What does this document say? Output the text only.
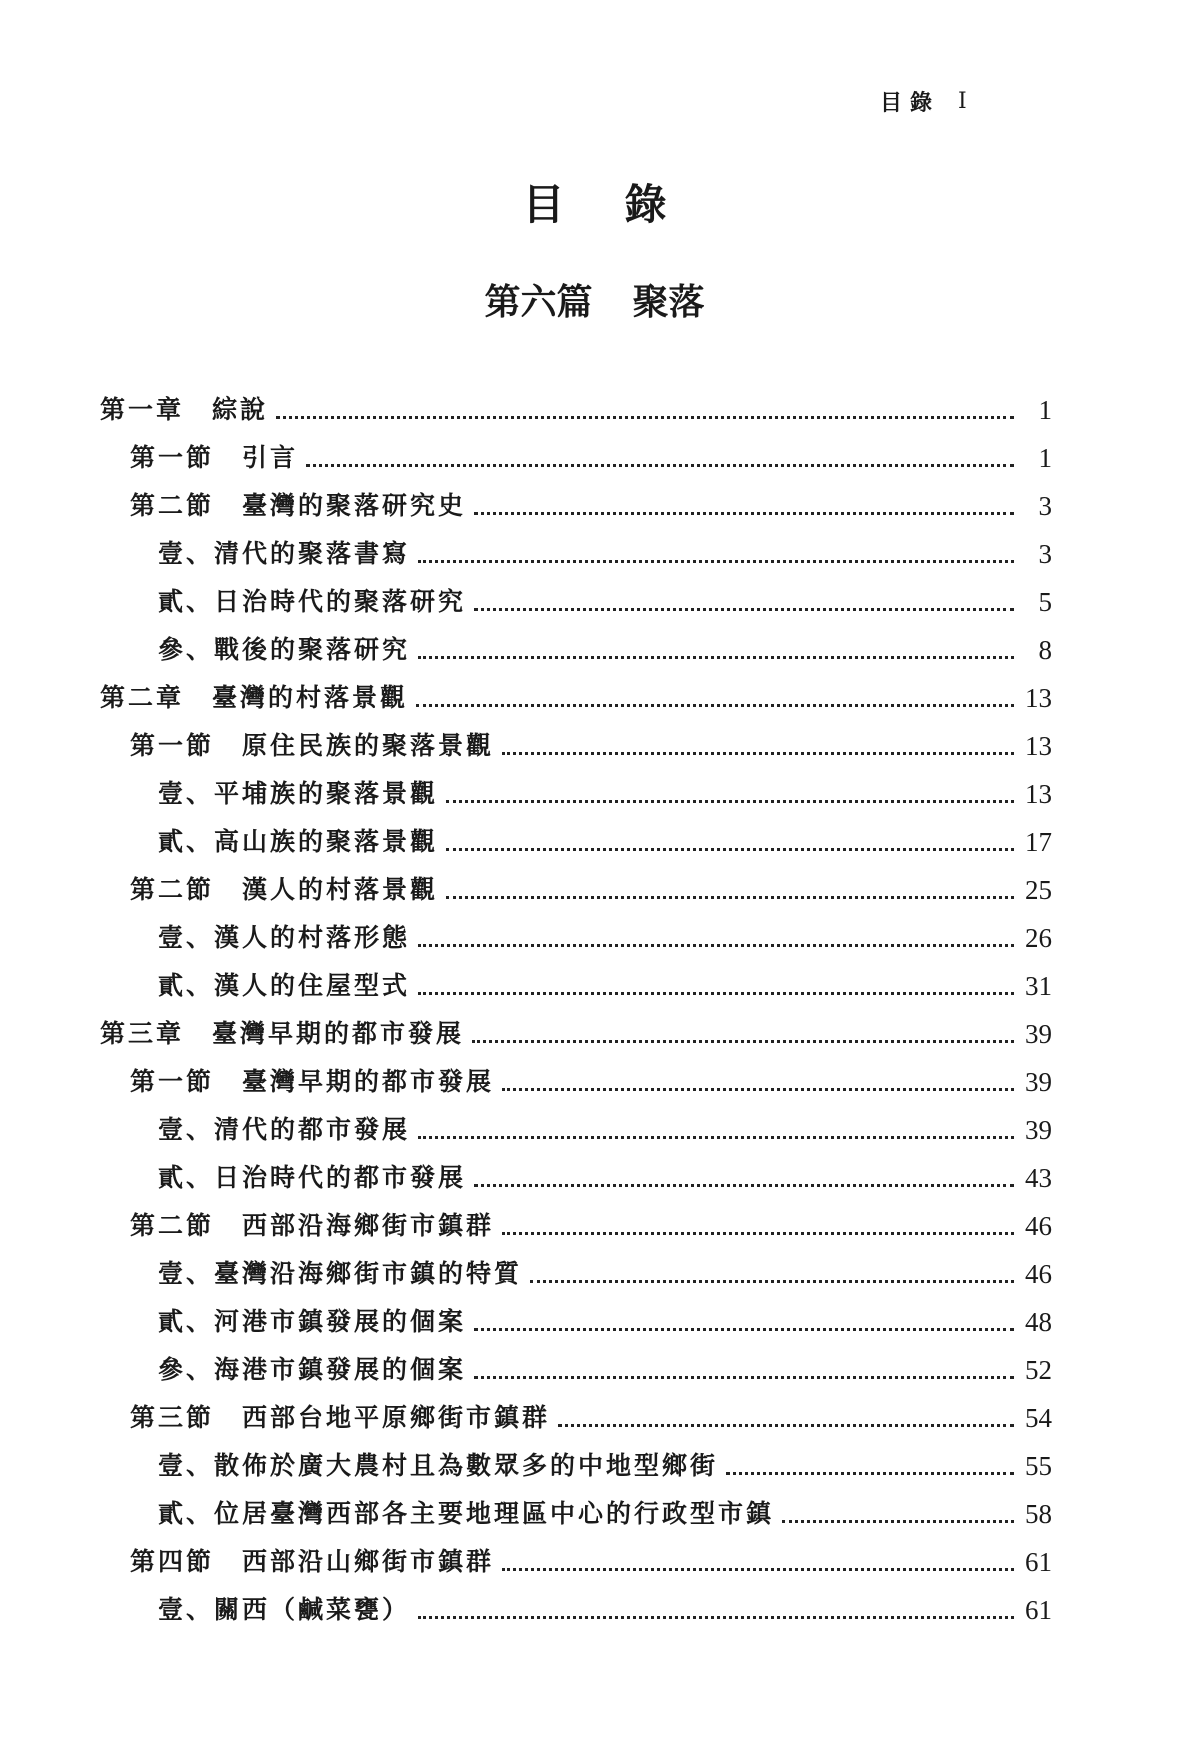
目錄 I
目錄
第六篇 聚落
第一章 綜說	1
第一節 引言	1
第二節 臺灣的聚落研究史	3
壹、清代的聚落書寫	3
貳、日治時代的聚落研究	5
參、戰後的聚落研究	8
第二章 臺灣的村落景觀	13
第一節 原住民族的聚落景觀	13
壹、平埔族的聚落景觀	13
貳、高山族的聚落景觀	17
第二節 漢人的村落景觀	25
壹、漢人的村落形態	26
貳、漢人的住屋型式	31
第三章 臺灣早期的都市發展	39
第一節 臺灣早期的都市發展	39
壹、清代的都市發展	39
貳、日治時代的都市發展	43
第二節 西部沿海鄉街市鎮群	46
壹、臺灣沿海鄉街市鎮的特質	46
貳、河港市鎮發展的個案	48
參、海港市鎮發展的個案	52
第三節 西部台地平原鄉街市鎮群	54
壹、散佈於廣大農村且為數眾多的中地型鄉街	55
貳、位居臺灣西部各主要地理區中心的行政型市鎮	58
第四節 西部沿山鄉街市鎮群	61
壹、關西（鹹菜甕）	61
